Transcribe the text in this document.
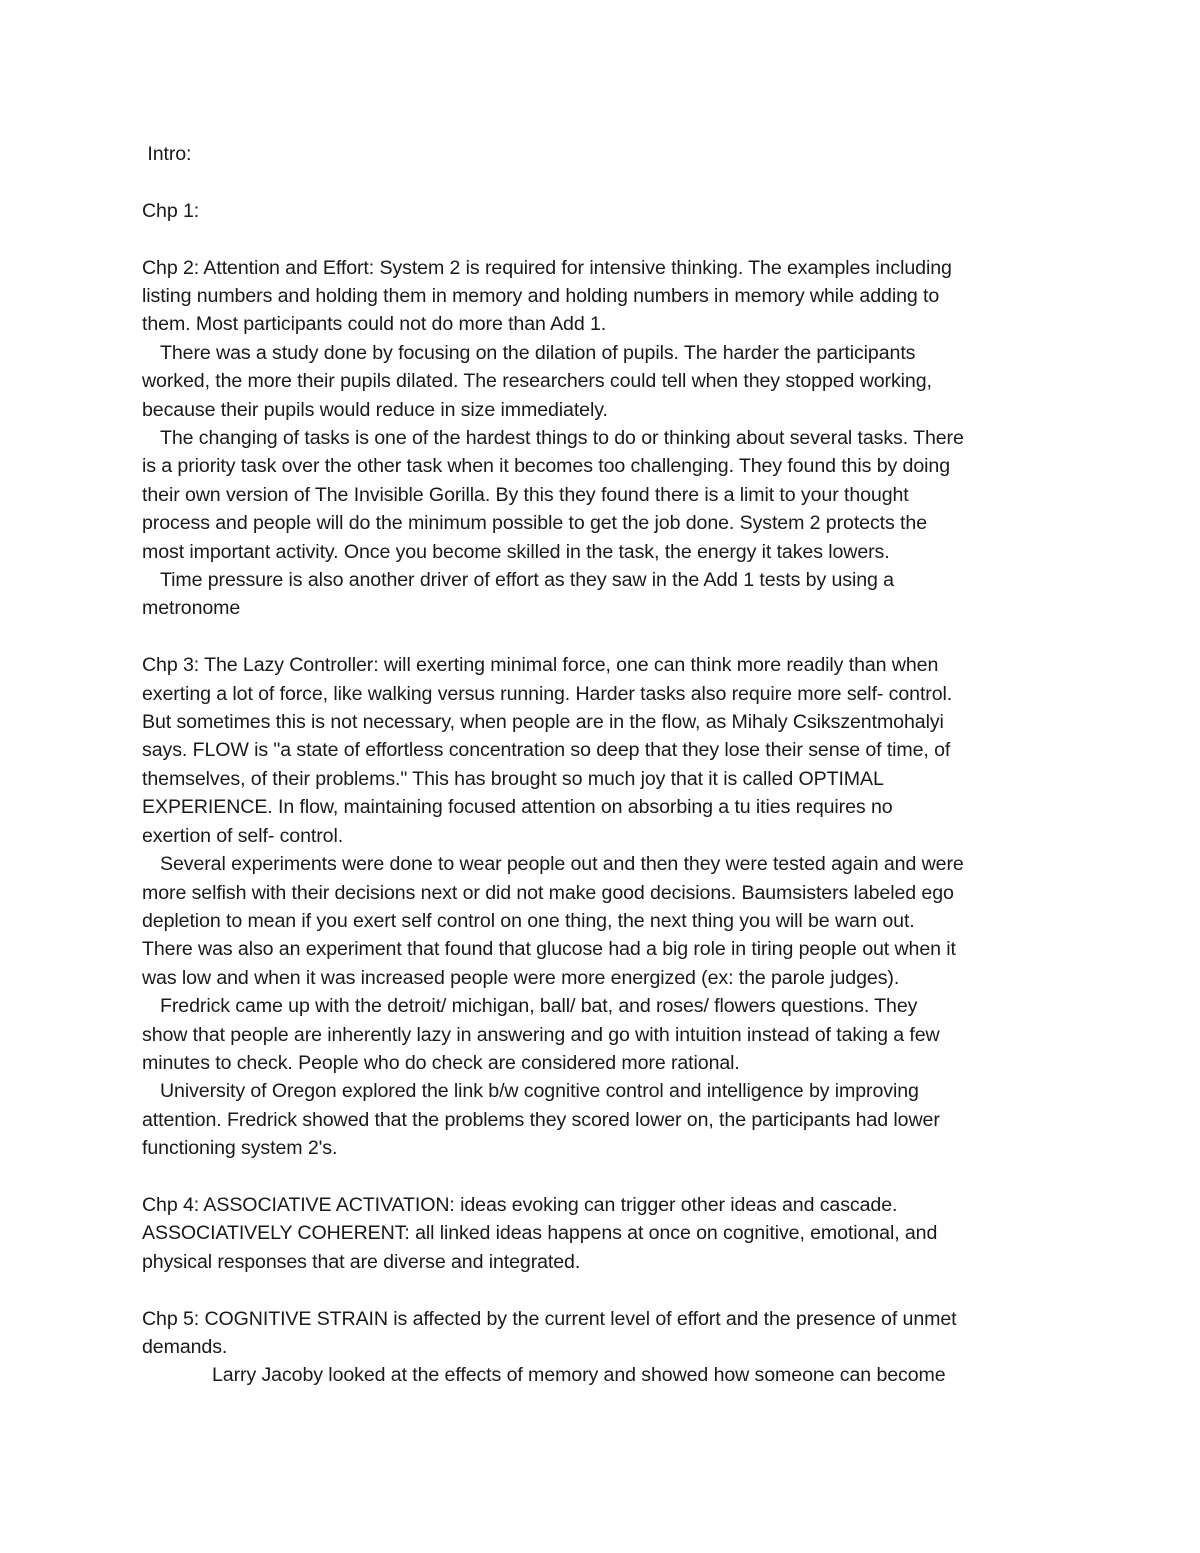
Intro:
Chp 1:
Chp 2: Attention and Effort: System 2 is required for intensive thinking. The examples including
listing numbers and holding them in memory and holding numbers in memory while adding to
them. Most participants could not do more than Add 1.
There was a study done by focusing on the dilation of pupils. The harder the participants
worked, the more their pupils dilated. The researchers could tell when they stopped working,
because their pupils would reduce in size immediately.
The changing of tasks is one of the hardest things to do or thinking about several tasks. There
is a priority task over the other task when it becomes too challenging. They found this by doing
their own version of The Invisible Gorilla. By this they found there is a limit to your thought
process and people will do the minimum possible to get the job done. System 2 protects the
most important activity. Once you become skilled in the task, the energy it takes lowers.
Time pressure is also another driver of effort as they saw in the Add 1 tests by using a
metronome
Chp 3: The Lazy Controller: will exerting minimal force, one can think more readily than when
exerting a lot of force, like walking versus running. Harder tasks also require more self- control.
But sometimes this is not necessary, when people are in the flow, as Mihaly Csikszentmohalyi
says. FLOW is "a state of effortless concentration so deep that they lose their sense of time, of
themselves, of their problems." This has brought so much joy that it is called OPTIMAL
EXPERIENCE. In flow, maintaining focused attention on absorbing a tu ities requires no
exertion of self- control.
Several experiments were done to wear people out and then they were tested again and were
more selfish with their decisions next or did not make good decisions. Baumsisters labeled ego
depletion to mean if you exert self control on one thing, the next thing you will be warn out.
There was also an experiment that found that glucose had a big role in tiring people out when it
was low and when it was increased people were more energized (ex: the parole judges).
Fredrick came up with the detroit/ michigan, ball/ bat, and roses/ flowers questions. They
show that people are inherently lazy in answering and go with intuition instead of taking a few
minutes to check. People who do check are considered more rational.
University of Oregon explored the link b/w cognitive control and intelligence by improving
attention. Fredrick showed that the problems they scored lower on, the participants had lower
functioning system 2's.
Chp 4: ASSOCIATIVE ACTIVATION: ideas evoking can trigger other ideas and cascade.
ASSOCIATIVELY COHERENT: all linked ideas happens at once on cognitive, emotional, and
physical responses that are diverse and integrated.
Chp 5: COGNITIVE STRAIN is affected by the current level of effort and the presence of unmet
demands.
Larry Jacoby looked at the effects of memory and showed how someone can become
